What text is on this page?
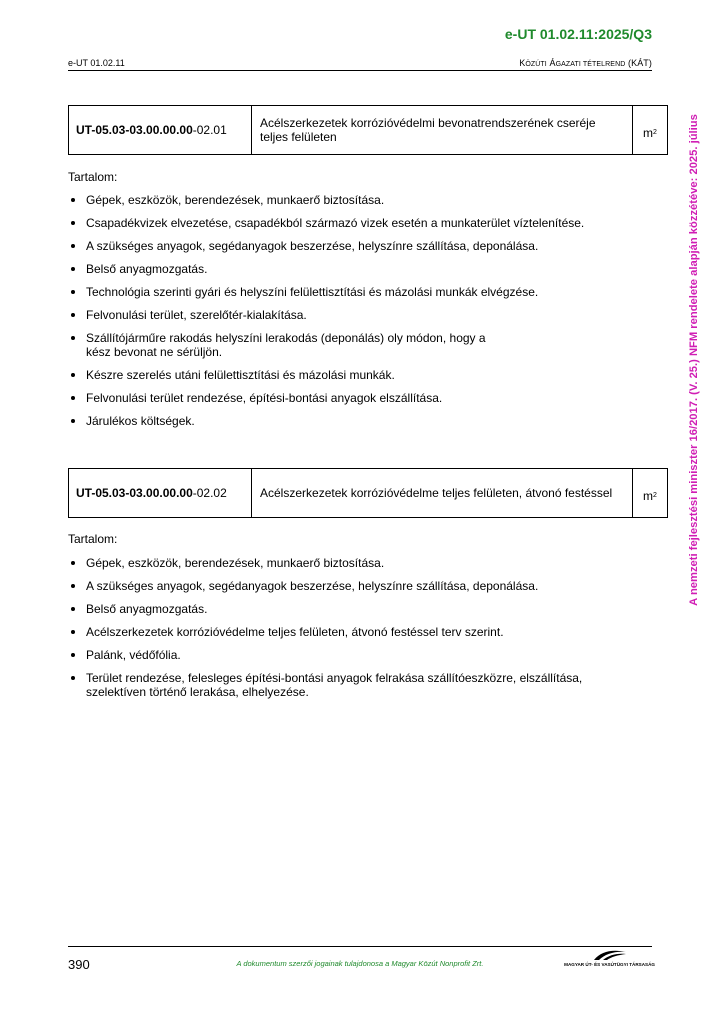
e-UT 01.02.11:2025/Q3
e-UT 01.02.11	KÖZÚTI ÁGAZATI TÉTELREND (KÁT)
UT-05.03-03.00.00.00 -02.01	Acélszerkezetek korrózióvédelmi bevonatrendszerének cseréje teljes felületen	$m^2$
Tartalom:
Gépek, eszközök, berendezések, munkaerő biztosítása.
Csapadékvizek elvezetése, csapadékból származó vizek esetén a munkaterület víztelenítése.
A szükséges anyagok, segédanyagok beszerzése, helyszínre szállítása, deponálása.
Belső anyagmozgatás.
Technológia szerinti gyári és helyszíni felülettisztítási és mázolási munkák elvégzése.
Felvonulási terület, szerelőtér-kialakítása.
Szállítójárműre rakodás helyszíni lerakodás (deponálás) oly módon, hogy a kész bevonat ne sérüljön.
Készre szerelés utáni felülettisztítási és mázolási munkák.
Felvonulási terület rendezése, építési-bontási anyagok elszállítása.
Járulékos költségek.
UT-05.03-03.00.00.00 -02.02	Acélszerkezetek korrózióvédelme teljes felületen, átvonó festéssel	$m^2$
Tartalom:
Gépek, eszközök, berendezések, munkaerő biztosítása.
A szükséges anyagok, segédanyagok beszerzése, helyszínre szállítása, deponálása.
Belső anyagmozgatás.
Acélszerkezetek korrózióvédelme teljes felületen, átvonó festéssel terv szerint.
Palánk, védőfólia.
Terület rendezése, felesleges építési-bontási anyagok felrakása szállítóeszközre, elszállítása, szelektíven történő lerakása, elhelyezése.
A nemzeti fejlesztési miniszter 16/2017. (V. 25.) NFM rendelete alapján közzétéve: 2025. július
390	A dokumentum szerzői jogainak tulajdonosa a Magyar Közút Nonprofit Zrt.	MAGYAR ÚT- ÉS VASÚTÜGYI TÁRSASÁG
